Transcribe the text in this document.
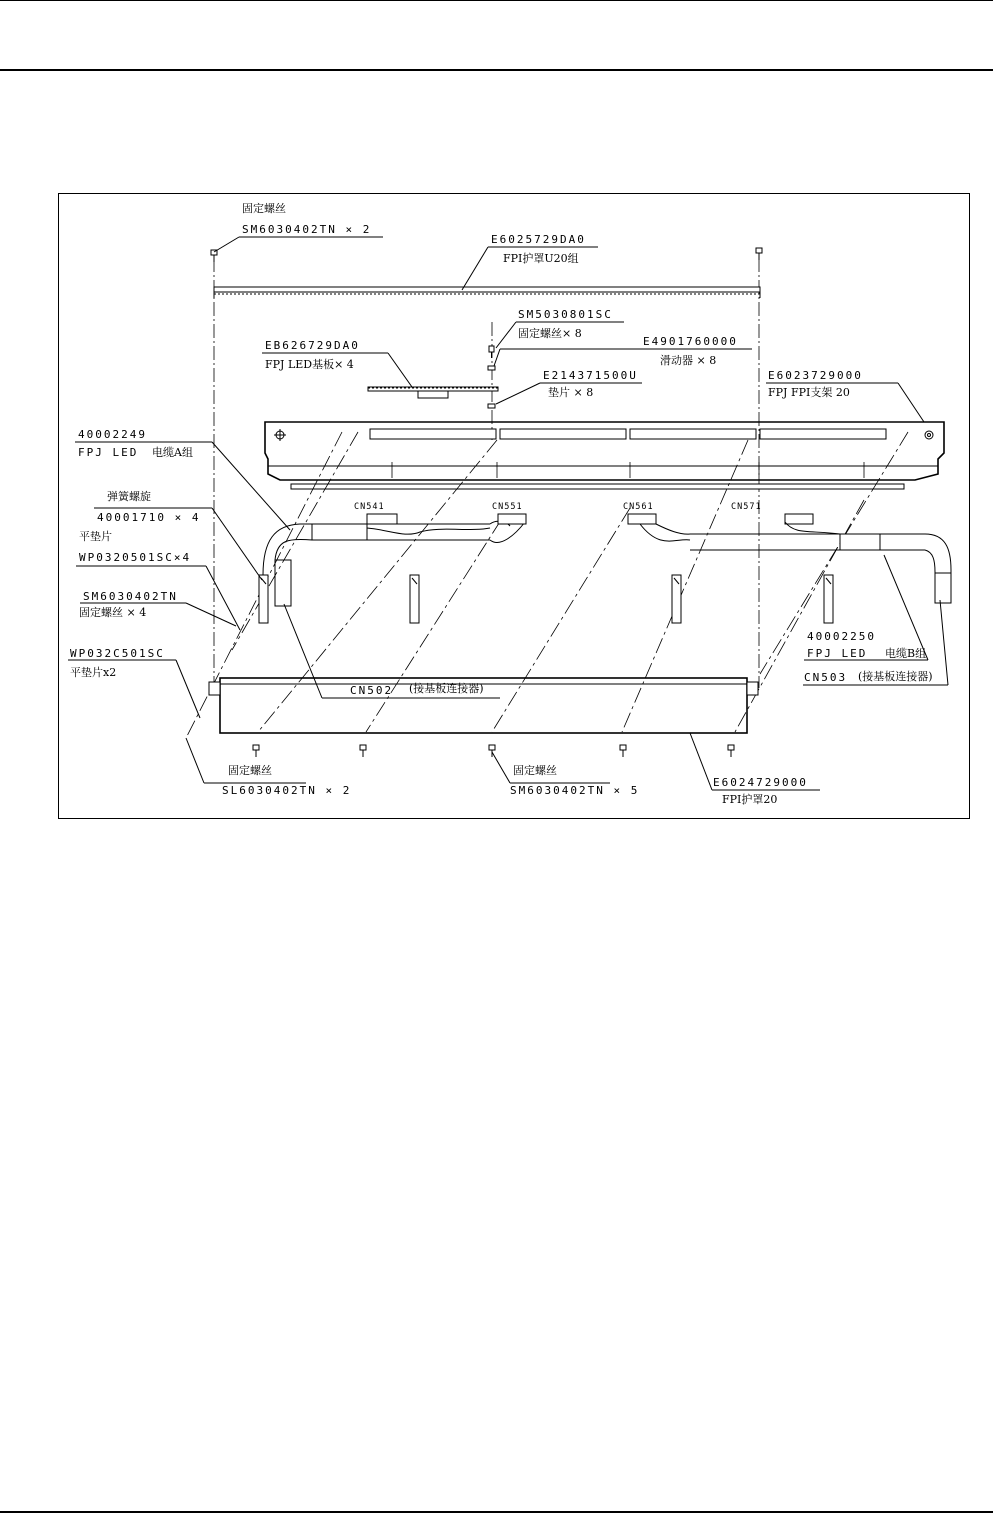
固定螺丝
SM6030402TN × 2
E6025729DA0
FPI护罩U20组
SM5030801SC
固定螺丝× 8
EB626729DA0
FPJ LED基板× 4
E4901760000
滑动器 × 8
E214371500U
垫片 × 8
E6023729000
FPJ FPI支架 20
40002249
FPJ LED 电缆A组
弹簧螺旋
40001710 × 4
平垫片
WP0320501SC×4
SM6030402TN
固定螺丝 × 4
WP032C501SC
平垫片x2
CN541	CN551	CN561	CN571
40002250
FPJ LED 电缆B组
CN502 (接基板连接器)
CN503 (接基板连接器)
固定螺丝
SL6030402TN × 2
固定螺丝
SM6030402TN × 5
E6024729000
FPI护罩20
